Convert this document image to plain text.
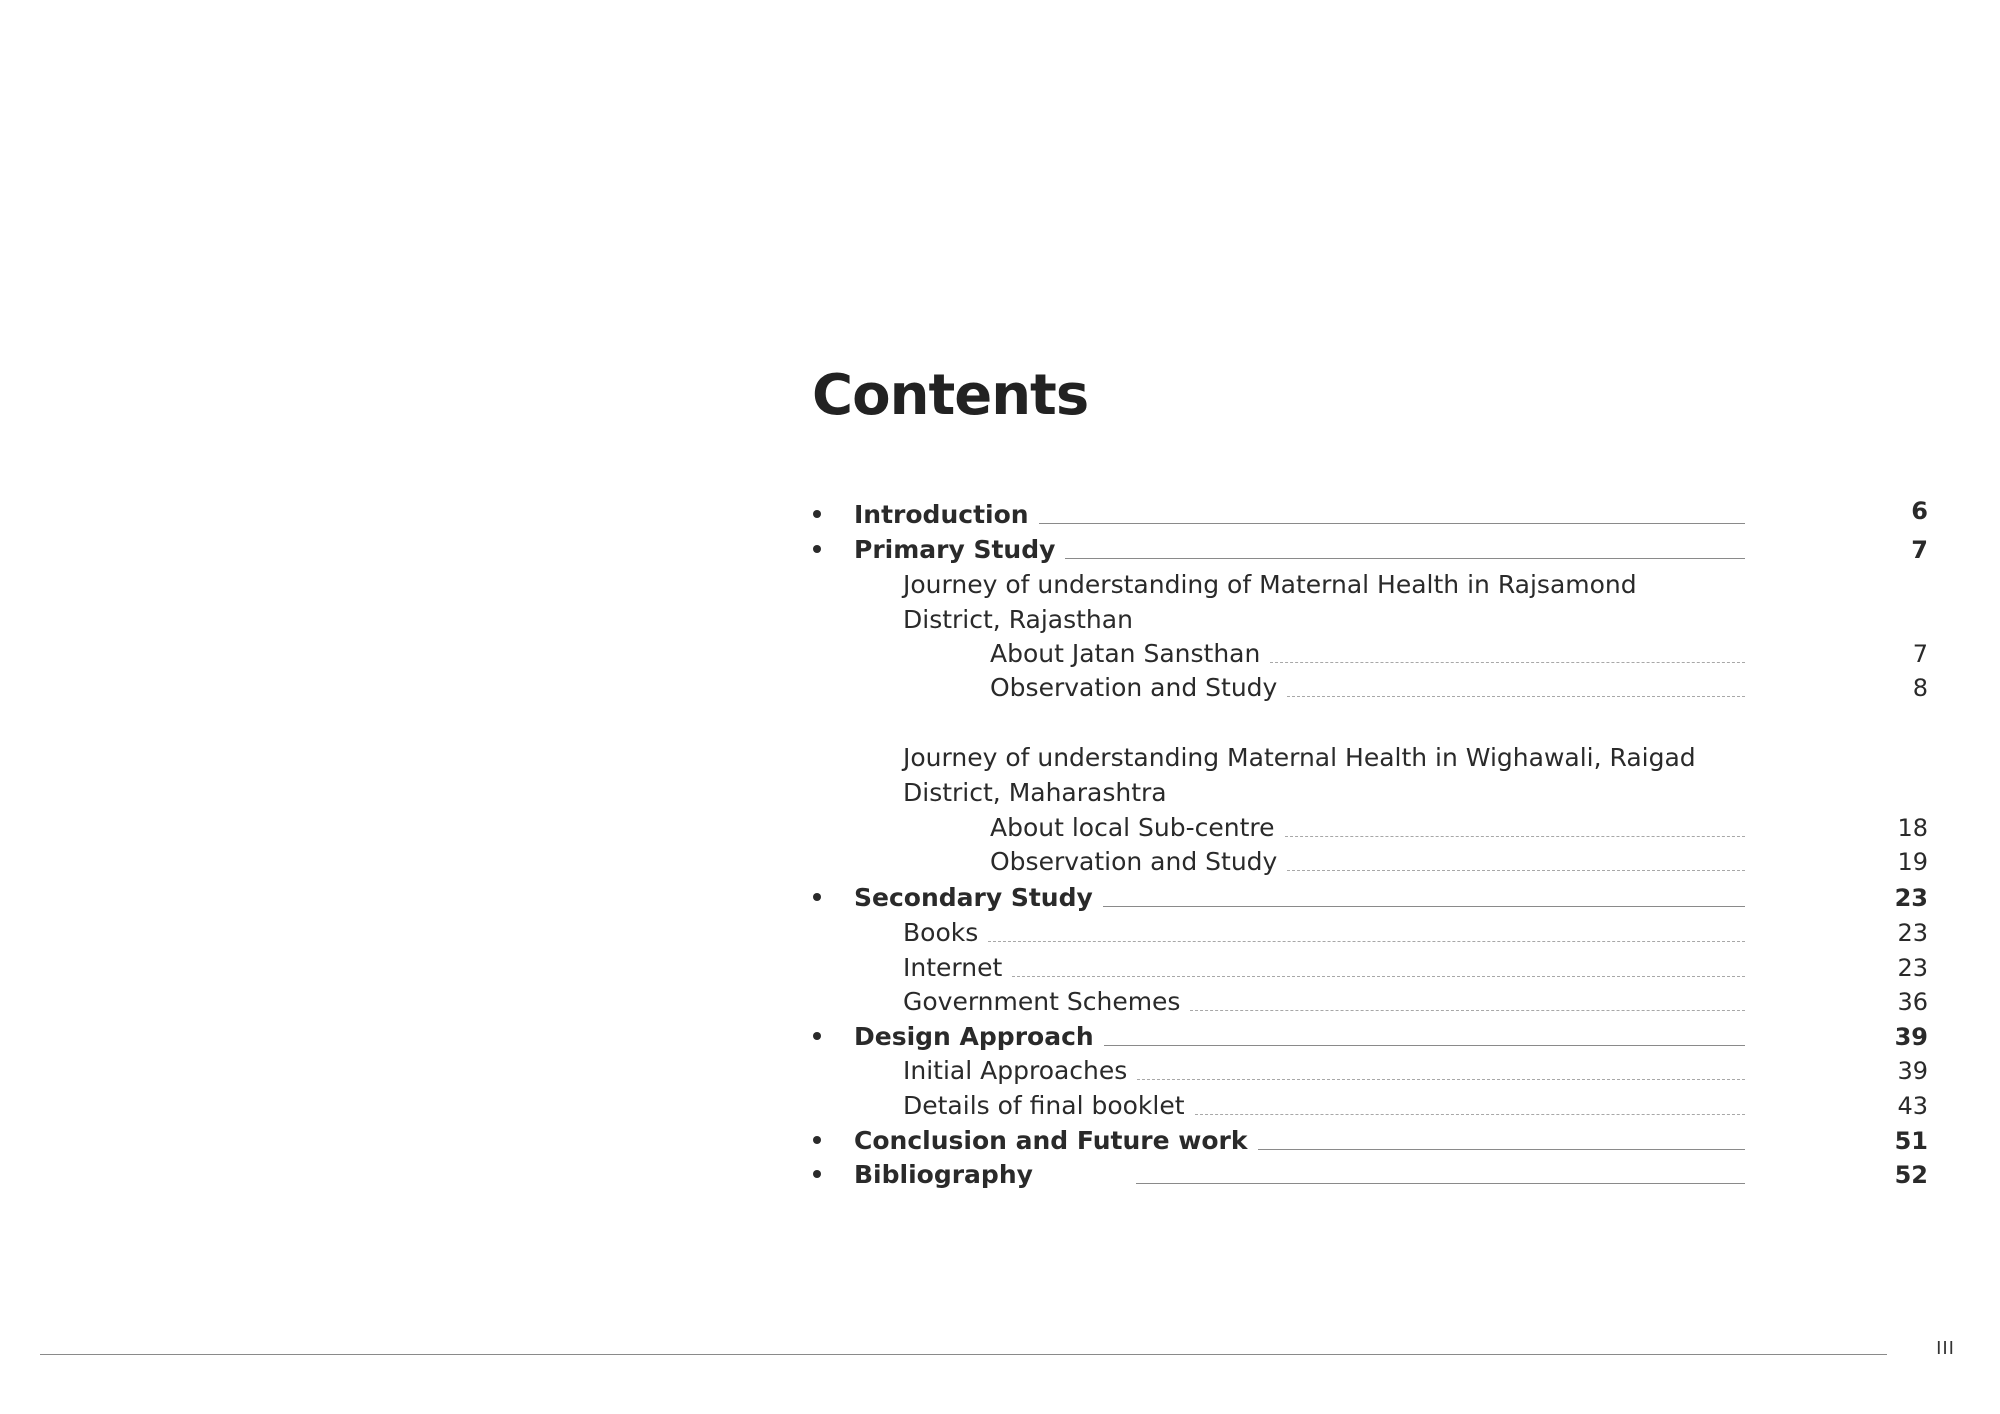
Contents
Introduction	6
Primary Study	7
Journey of understanding of Maternal Health in Rajsamond
District, Rajasthan
About Jatan Sansthan	7
Observation and Study	8
Journey of understanding Maternal Health in Wighawali, Raigad
District, Maharashtra
About local Sub-centre	18
Observation and Study	19
Secondary Study	23
Books	23
Internet	23
Government Schemes	36
Design Approach	39
Initial Approaches	39
Details of final booklet	43
Conclusion and Future work	51
Bibliography	52
III
